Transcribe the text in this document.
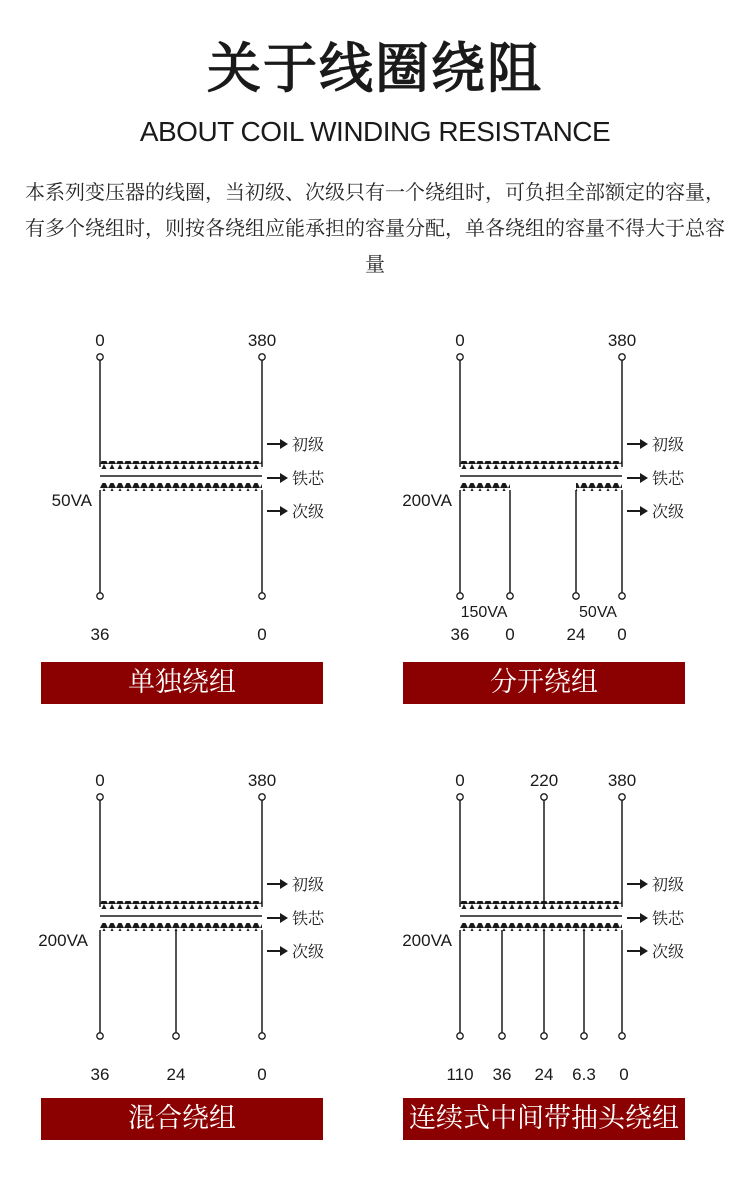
关于线圈绕阻
ABOUT COIL WINDING RESISTANCE
本系列变压器的线圈，当初级、次级只有一个绕组时，可负担全部额定的容量，有多个绕组时，则按各绕组应能承担的容量分配，单各绕组的容量不得大于总容量
0	380
50VA
36	0
初级
铁芯
次级
单独绕组
0	380
200VA
150VA	50VA
36 0	24 0
初级
铁芯
次级
分开绕组
0	380
200VA
36	24	0
初级
铁芯
次级
混合绕组
0	220	380
200VA
110 36 24 6.3 0
初级
铁芯
次级
连续式中间带抽头绕组
